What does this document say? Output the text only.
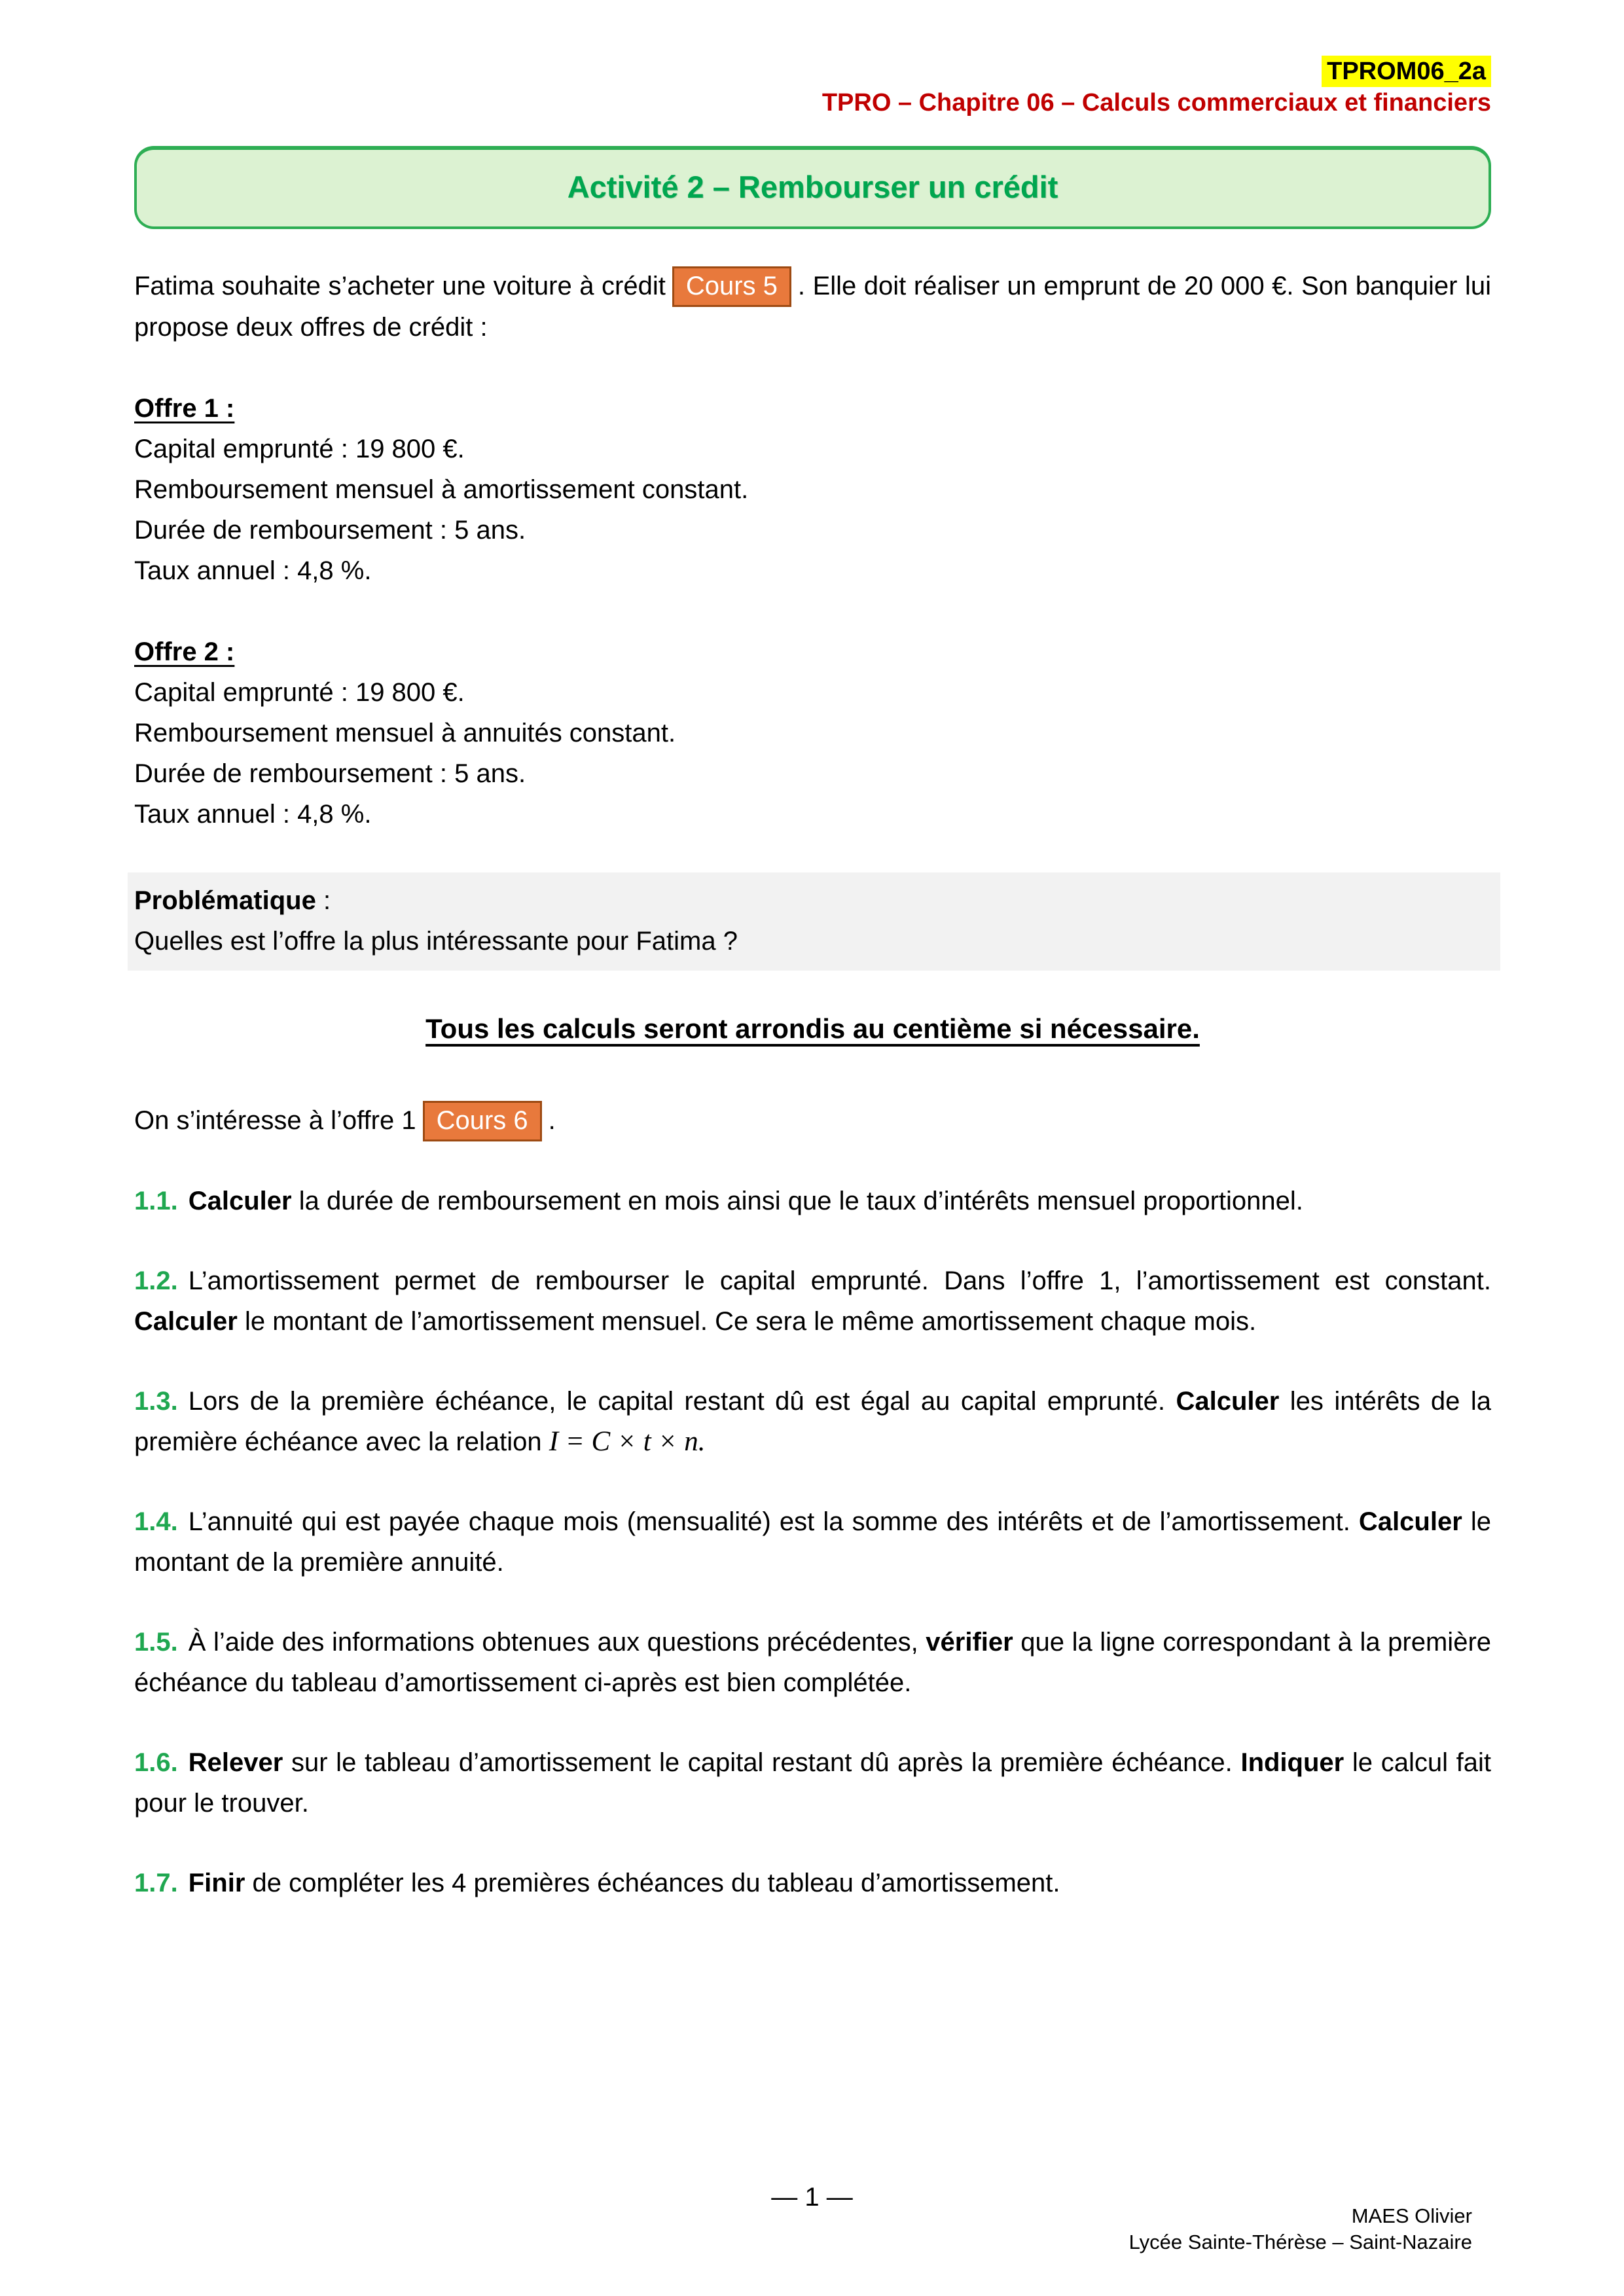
TPROM06_2a
TPRO – Chapitre 06 – Calculs commerciaux et financiers
Activité 2 – Rembourser un crédit

Fatima souhaite s’acheter une voiture à crédit Cours 5 . Elle doit réaliser un emprunt de 20 000 €. Son banquier lui propose deux offres de crédit :

Offre 1 :

Capital emprunté : 19 800 €.

Remboursement mensuel à amortissement constant.

Durée de remboursement : 5 ans.

Taux annuel : 4,8 %.

Offre 2 :

Capital emprunté : 19 800 €.

Remboursement mensuel à annuités constant.

Durée de remboursement : 5 ans.

Taux annuel : 4,8 %.

Problématique :

Quelles est l’offre la plus intéressante pour Fatima ?

Tous les calculs seront arrondis au centième si nécessaire.

On s’intéresse à l’offre 1 Cours 6 .

1.1. Calculer la durée de remboursement en mois ainsi que le taux d’intérêts mensuel proportionnel.

1.2. L’amortissement permet de rembourser le capital emprunté. Dans l’offre 1, l’amortissement est constant. Calculer le montant de l’amortissement mensuel. Ce sera le même amortissement chaque mois.

1.3. Lors de la première échéance, le capital restant dû est égal au capital emprunté. Calculer les intérêts de la première échéance avec la relation I = C × t × n.

1.4. L’annuité qui est payée chaque mois (mensualité) est la somme des intérêts et de l’amortissement. Calculer le montant de la première annuité.

1.5. À l’aide des informations obtenues aux questions précédentes, vérifier que la ligne correspondant à la première échéance du tableau d’amortissement ci-après est bien complétée.

1.6. Relever sur le tableau d’amortissement le capital restant dû après la première échéance. Indiquer le calcul fait pour le trouver.

1.7. Finir de compléter les 4 premières échéances du tableau d’amortissement.

— 1 —
MAES Olivier
Lycée Sainte-Thérèse – Saint-Nazaire
